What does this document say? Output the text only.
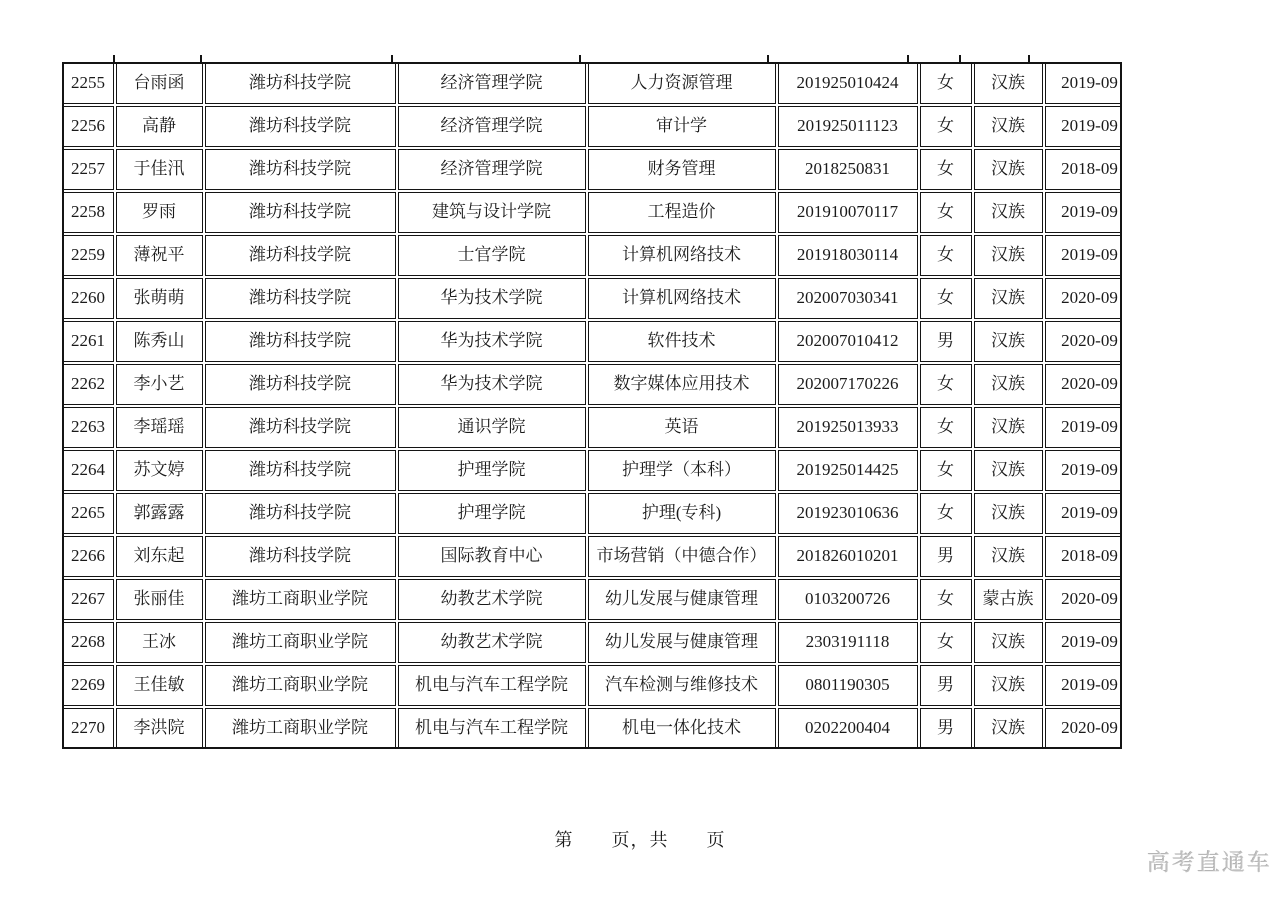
2255	台雨函	潍坊科技学院	经济管理学院	人力资源管理	201925010424	女	汉族	2019-09
2256	高静	潍坊科技学院	经济管理学院	审计学	201925011123	女	汉族	2019-09
2257	于佳汛	潍坊科技学院	经济管理学院	财务管理	2018250831	女	汉族	2018-09
2258	罗雨	潍坊科技学院	建筑与设计学院	工程造价	201910070117	女	汉族	2019-09
2259	薄祝平	潍坊科技学院	士官学院	计算机网络技术	201918030114	女	汉族	2019-09
2260	张萌萌	潍坊科技学院	华为技术学院	计算机网络技术	202007030341	女	汉族	2020-09
2261	陈秀山	潍坊科技学院	华为技术学院	软件技术	202007010412	男	汉族	2020-09
2262	李小艺	潍坊科技学院	华为技术学院	数字媒体应用技术	202007170226	女	汉族	2020-09
2263	李瑶瑶	潍坊科技学院	通识学院	英语	201925013933	女	汉族	2019-09
2264	苏文婷	潍坊科技学院	护理学院	护理学（本科）	201925014425	女	汉族	2019-09
2265	郭露露	潍坊科技学院	护理学院	护理(专科)	201923010636	女	汉族	2019-09
2266	刘东起	潍坊科技学院	国际教育中心	市场营销（中德合作）	201826010201	男	汉族	2018-09
2267	张丽佳	潍坊工商职业学院	幼教艺术学院	幼儿发展与健康管理	0103200726	女	蒙古族	2020-09
2268	王冰	潍坊工商职业学院	幼教艺术学院	幼儿发展与健康管理	2303191118	女	汉族	2019-09
2269	王佳敏	潍坊工商职业学院	机电与汽车工程学院	汽车检测与维修技术	0801190305	男	汉族	2019-09
2270	李洪院	潍坊工商职业学院	机电与汽车工程学院	机电一体化技术	0202200404	男	汉族	2020-09
第　　页，共　　页
高考直通车
